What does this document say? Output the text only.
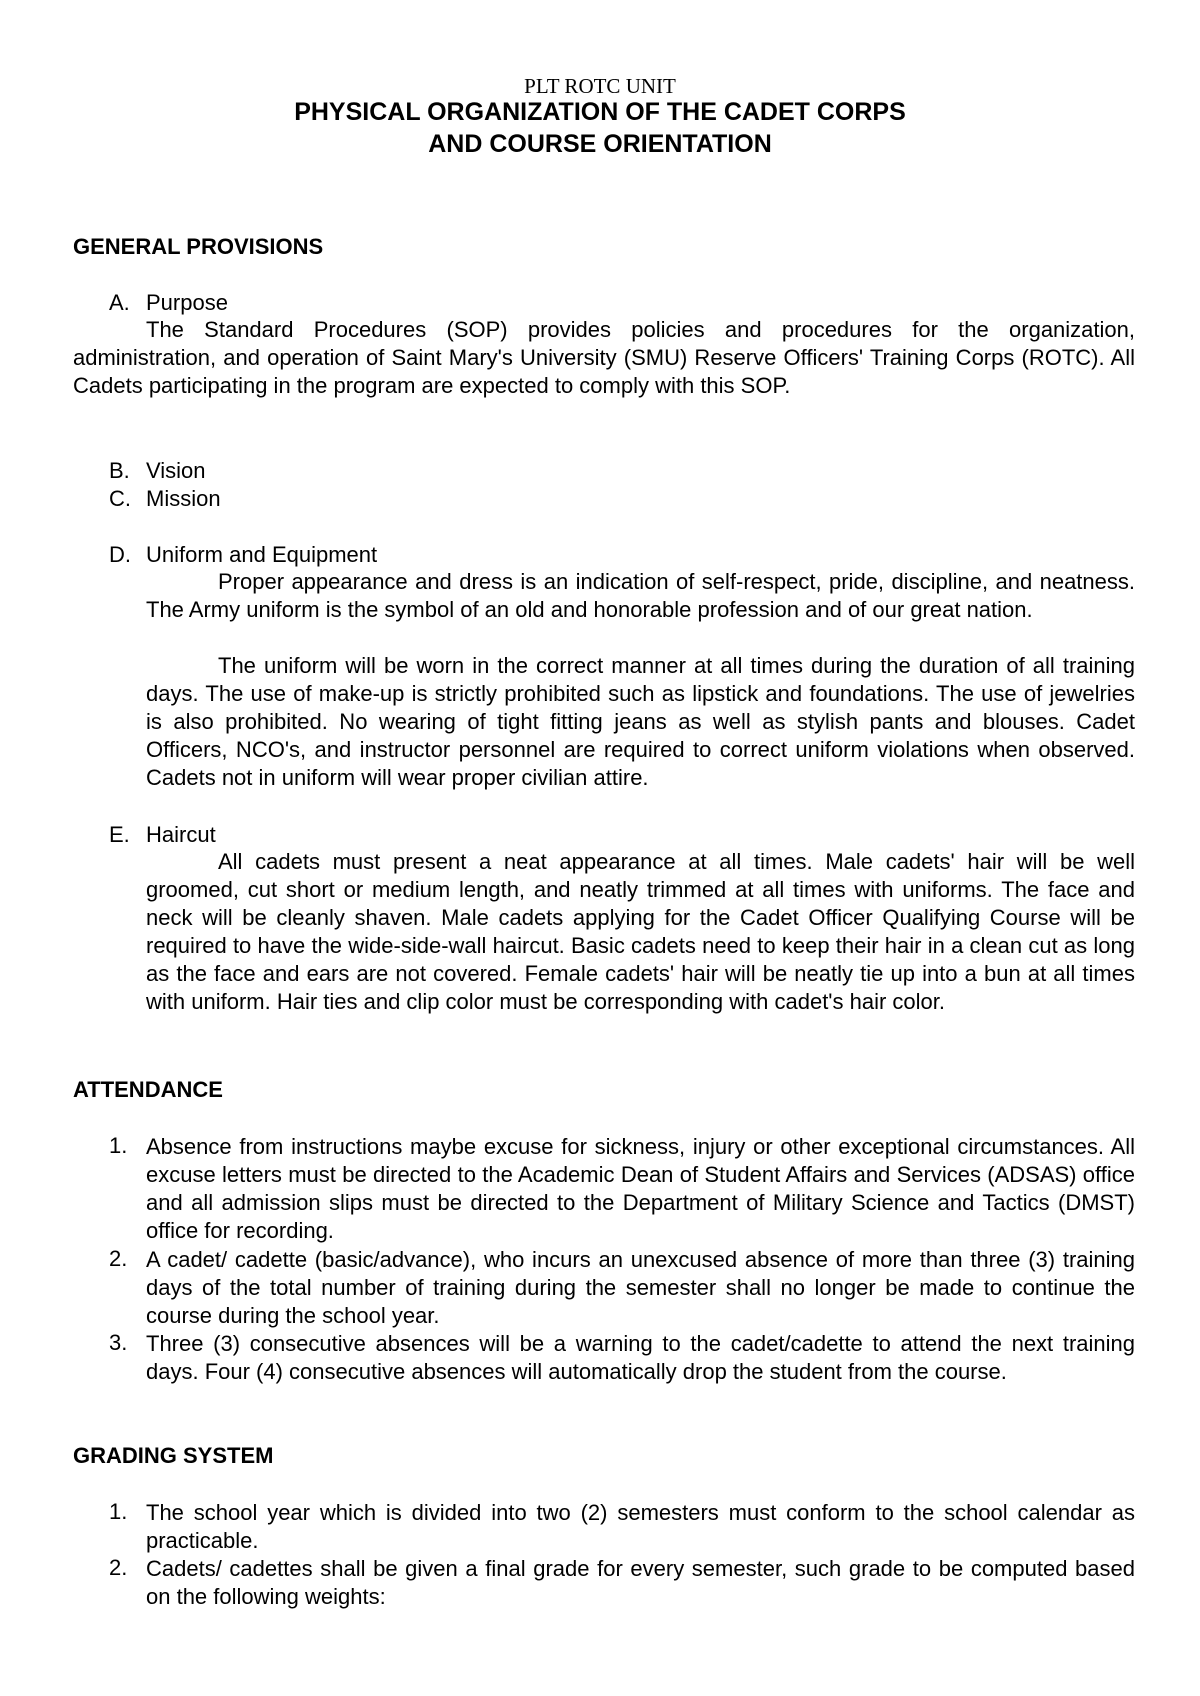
PLT ROTC UNIT
PHYSICAL ORGANIZATION OF THE CADET CORPS
AND COURSE ORIENTATION
GENERAL PROVISIONS
A. Purpose
The Standard Procedures (SOP) provides policies and procedures for the organization, administration, and operation of Saint Mary's University (SMU) Reserve Officers' Training Corps (ROTC). All Cadets participating in the program are expected to comply with this SOP.
B. Vision
C. Mission
D. Uniform and Equipment
Proper appearance and dress is an indication of self-respect, pride, discipline, and neatness. The Army uniform is the symbol of an old and honorable profession and of our great nation.
The uniform will be worn in the correct manner at all times during the duration of all training days. The use of make-up is strictly prohibited such as lipstick and foundations. The use of jewelries is also prohibited. No wearing of tight fitting jeans as well as stylish pants and blouses. Cadet Officers, NCO's, and instructor personnel are required to correct uniform violations when observed. Cadets not in uniform will wear proper civilian attire.
E. Haircut
All cadets must present a neat appearance at all times. Male cadets' hair will be well groomed, cut short or medium length, and neatly trimmed at all times with uniforms. The face and neck will be cleanly shaven. Male cadets applying for the Cadet Officer Qualifying Course will be required to have the wide-side-wall haircut. Basic cadets need to keep their hair in a clean cut as long as the face and ears are not covered. Female cadets' hair will be neatly tie up into a bun at all times with uniform. Hair ties and clip color must be corresponding with cadet's hair color.
ATTENDANCE
1. Absence from instructions maybe excuse for sickness, injury or other exceptional circumstances. All excuse letters must be directed to the Academic Dean of Student Affairs and Services (ADSAS) office and all admission slips must be directed to the Department of Military Science and Tactics (DMST) office for recording.
2. A cadet/ cadette (basic/advance), who incurs an unexcused absence of more than three (3) training days of the total number of training during the semester shall no longer be made to continue the course during the school year.
3. Three (3) consecutive absences will be a warning to the cadet/cadette to attend the next training days. Four (4) consecutive absences will automatically drop the student from the course.
GRADING SYSTEM
1. The school year which is divided into two (2) semesters must conform to the school calendar as practicable.
2. Cadets/ cadettes shall be given a final grade for every semester, such grade to be computed based on the following weights:
